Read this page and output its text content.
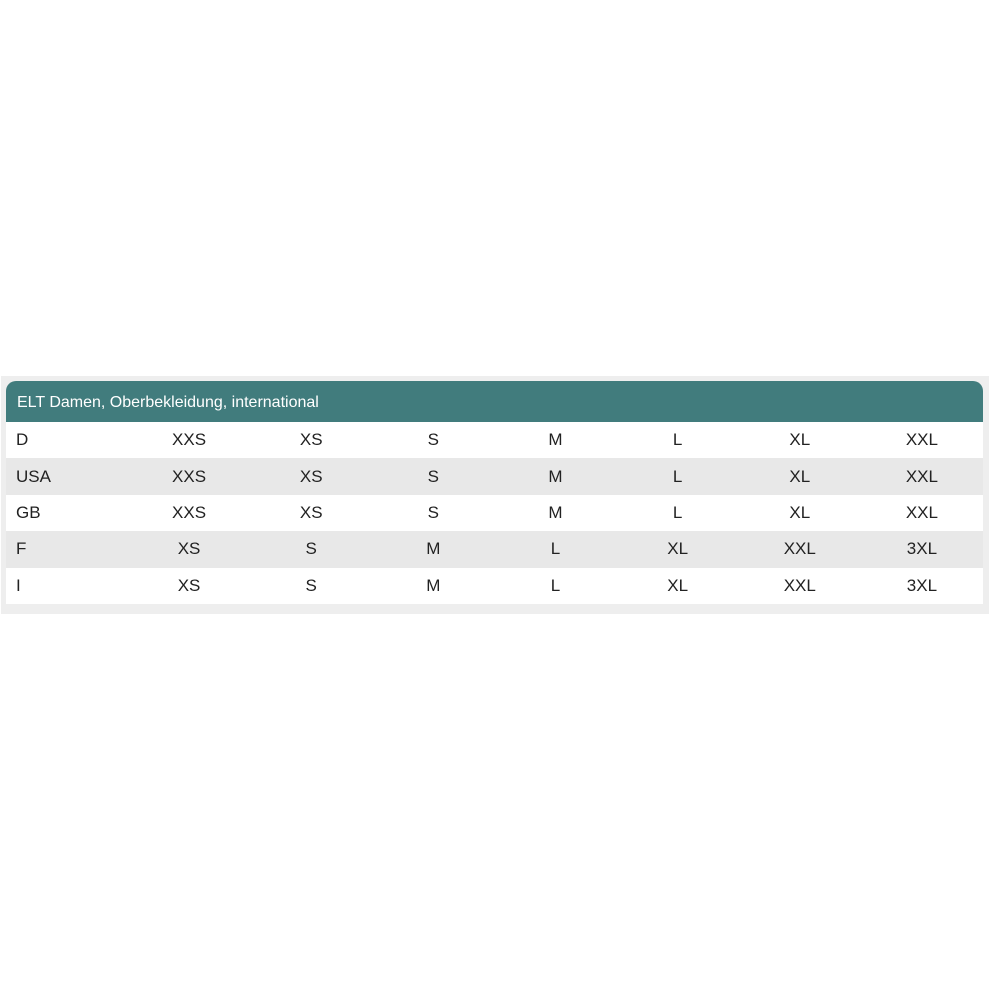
ELT Damen, Oberbekleidung, international
D	XXS	XS	S	M	L	XL	XXL
USA	XXS	XS	S	M	L	XL	XXL
GB	XXS	XS	S	M	L	XL	XXL
F	XS	S	M	L	XL	XXL	3XL
I	XS	S	M	L	XL	XXL	3XL
